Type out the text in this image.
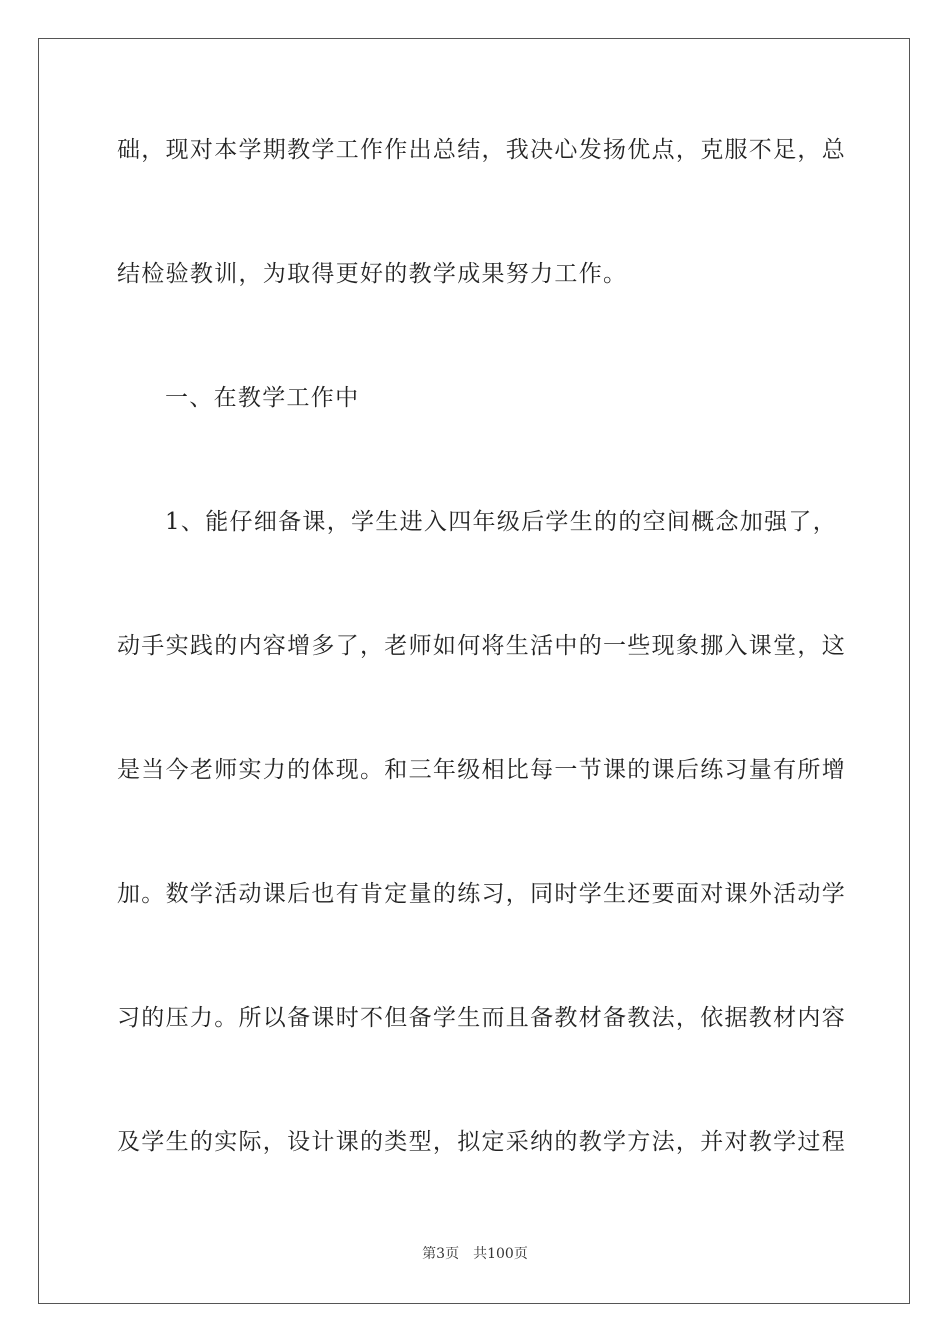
础，现对本学期教学工作作出总结，我决心发扬优点，克服不足，总
结检验教训，为取得更好的教学成果努力工作。
一、在教学工作中
1、能仔细备课，学生进入四年级后学生的的空间概念加强了，
动手实践的内容增多了，老师如何将生活中的一些现象挪入课堂，这
是当今老师实力的体现。和三年级相比每一节课的课后练习量有所增
加。数学活动课后也有肯定量的练习，同时学生还要面对课外活动学
习的压力。所以备课时不但备学生而且备教材备教法，依据教材内容
及学生的实际，设计课的类型，拟定采纳的教学方法，并对教学过程
第3页 共100页
